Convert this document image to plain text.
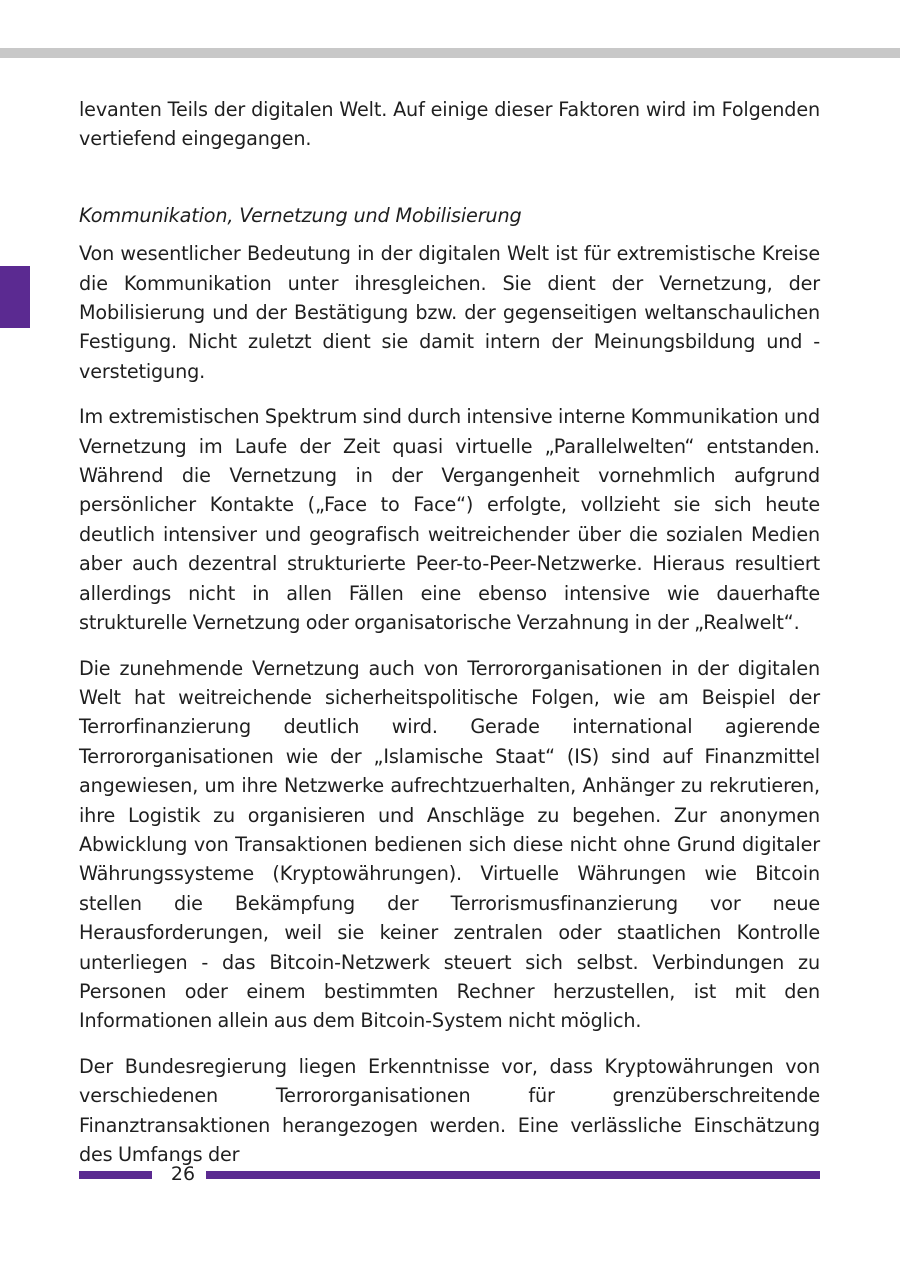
levanten Teils der digitalen Welt. Auf einige dieser Faktoren wird im Folgenden vertiefend eingegangen.

Kommunikation, Vernetzung und Mobilisierung

Von wesentlicher Bedeutung in der digitalen Welt ist für extremistische Kreise die Kommunikation unter ihresgleichen. Sie dient der Vernetzung, der Mobilisierung und der Bestätigung bzw. der gegenseitigen weltanschaulichen Festigung. Nicht zuletzt dient sie damit intern der Meinungsbildung und -verstetigung.

Im extremistischen Spektrum sind durch intensive interne Kommunikation und Vernetzung im Laufe der Zeit quasi virtuelle „Parallelwelten“ entstanden. Während die Vernetzung in der Vergangenheit vornehmlich aufgrund persönlicher Kontakte („Face to Face“) erfolgte, vollzieht sie sich heute deutlich intensiver und geografisch weitreichender über die sozialen Medien aber auch dezentral strukturierte Peer-to-Peer-Netzwerke. Hieraus resultiert allerdings nicht in allen Fällen eine ebenso intensive wie dauerhafte strukturelle Vernetzung oder organisatorische Verzahnung in der „Realwelt“.

Die zunehmende Vernetzung auch von Terrororganisationen in der digitalen Welt hat weitreichende sicherheitspolitische Folgen, wie am Beispiel der Terrorfinanzierung deutlich wird. Gerade international agierende Terrororganisationen wie der „Islamische Staat“ (IS) sind auf Finanzmittel angewiesen, um ihre Netzwerke aufrechtzuerhalten, Anhänger zu rekrutieren, ihre Logistik zu organisieren und Anschläge zu begehen. Zur anonymen Abwicklung von Transaktionen bedienen sich diese nicht ohne Grund digitaler Währungssysteme (Kryptowährungen). Virtuelle Währungen wie Bitcoin stellen die Bekämpfung der Terrorismusfinanzierung vor neue Herausforderungen, weil sie keiner zentralen oder staatlichen Kontrolle unterliegen - das Bitcoin-Netzwerk steuert sich selbst. Verbindungen zu Personen oder einem bestimmten Rechner herzustellen, ist mit den Informationen allein aus dem Bitcoin-System nicht möglich.

Der Bundesregierung liegen Erkenntnisse vor, dass Kryptowährungen von verschiedenen Terrororganisationen für grenzüberschreitende Finanztransaktionen herangezogen werden. Eine verlässliche Einschätzung des Umfangs der

26
